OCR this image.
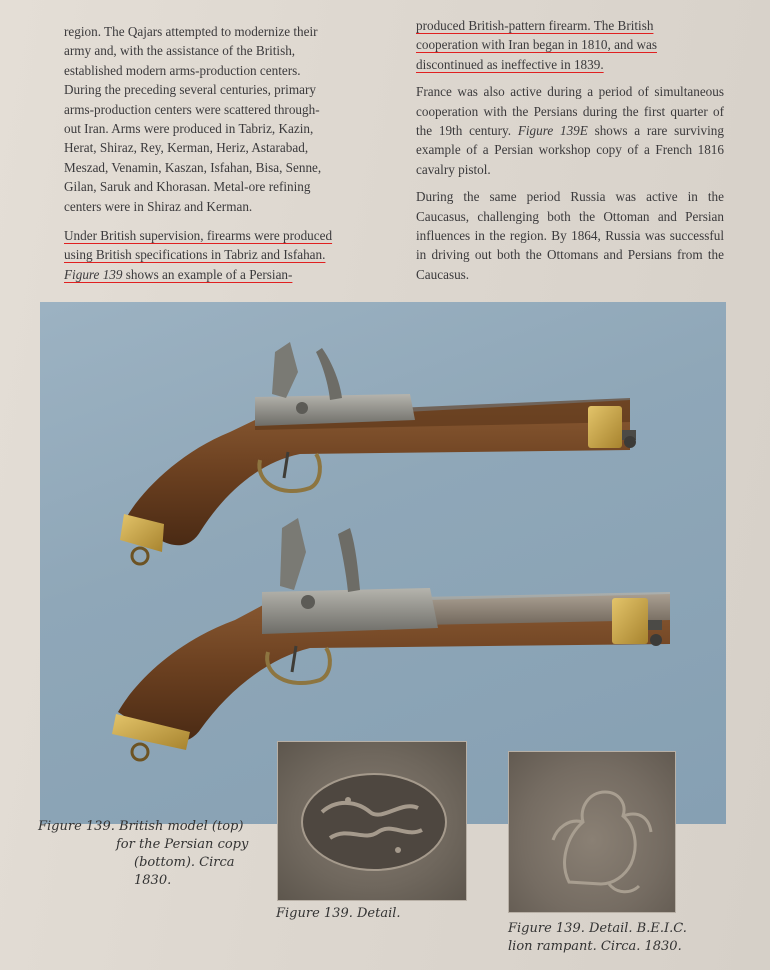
region. The Qajars attempted to modernize their
army and, with the assistance of the British,
established modern arms-production centers.
During the preceding several centuries, primary
arms-production centers were scattered through-
out Iran. Arms were produced in Tabriz, Kazin,
Herat, Shiraz, Rey, Kerman, Heriz, Astarabad,
Meszad, Venamin, Kaszan, Isfahan, Bisa, Senne,
Gilan, Saruk and Khorasan. Metal-ore refining
centers were in Shiraz and Kerman.

Under British supervision, firearms were produced
using British specifications in Tabriz and Isfahan.
Figure 139 shows an example of a Persian-

produced British-pattern firearm. The British
cooperation with Iran began in 1810, and was
discontinued as ineffective in 1839.

France was also active during a period of simultaneous cooperation with the Persians during the first quarter of the 19th century. Figure 139E shows a rare surviving example of a Persian workshop copy of a French 1816 cavalry pistol.

During the same period Russia was active in the Caucasus, challenging both the Ottoman and Persian influences in the region. By 1864, Russia was successful in driving out both the Ottomans and Persians from the Caucasus.

Figure 139. British model (top)
for the Persian copy
(bottom). Circa 1830.
Figure 139. Detail.
Figure 139. Detail. B.E.I.C.
lion rampant. Circa. 1830.
